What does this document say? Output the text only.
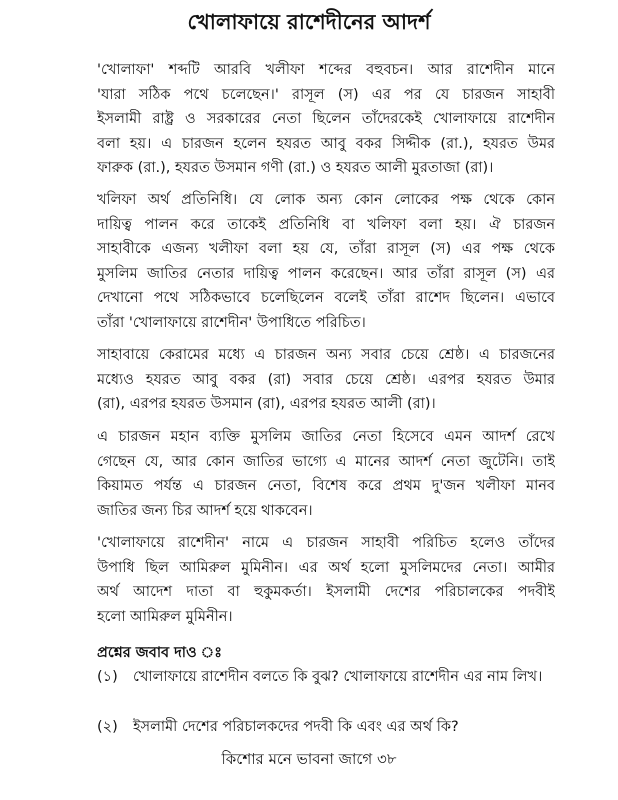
খোলাফায়ে রাশেদীনের আদর্শ
'খোলাফা' শব্দটি আরবি খলীফা শব্দের বহুবচন। আর রাশেদীন মানে
'যারা সঠিক পথে চলেছেন।' রাসূল (স) এর পর যে চারজন সাহাবী
ইসলামী রাষ্ট্র ও সরকারের নেতা ছিলেন তাঁদেরকেই খোলাফায়ে রাশেদীন
বলা হয়। এ চারজন হলেন হযরত আবু বকর সিদ্দীক (রা.), হযরত উমর
ফারুক (রা.), হযরত উসমান গণী (রা.) ও হযরত আলী মুরতাজা (রা)।
খলিফা অর্থ প্রতিনিধি। যে লোক অন্য কোন লোকের পক্ষ থেকে কোন
দায়িত্ব পালন করে তাকেই প্রতিনিধি বা খলিফা বলা হয়। ঐ চারজন
সাহাবীকে এজন্য খলীফা বলা হয় যে, তাঁরা রাসূল (স) এর পক্ষ থেকে
মুসলিম জাতির নেতার দায়িত্ব পালন করেছেন। আর তাঁরা রাসূল (স) এর
দেখানো পথে সঠিকভাবে চলেছিলেন বলেই তাঁরা রাশেদ ছিলেন। এভাবে
তাঁরা 'খোলাফায়ে রাশেদীন' উপাধিতে পরিচিত।
সাহাবায়ে কেরামের মধ্যে এ চারজন অন্য সবার চেয়ে শ্রেষ্ঠ। এ চারজনের
মধ্যেও হযরত আবু বকর (রা) সবার চেয়ে শ্রেষ্ঠ। এরপর হযরত উমার
(রা), এরপর হযরত উসমান (রা), এরপর হযরত আলী (রা)।
এ চারজন মহান ব্যক্তি মুসলিম জাতির নেতা হিসেবে এমন আদর্শ রেখে
গেছেন যে, আর কোন জাতির ভাগ্যে এ মানের আদর্শ নেতা জুটেনি। তাই
কিয়ামত পর্যন্ত এ চারজন নেতা, বিশেষ করে প্রথম দু'জন খলীফা মানব
জাতির জন্য চির আদর্শ হয়ে থাকবেন।
'খোলাফায়ে রাশেদীন' নামে এ চারজন সাহাবী পরিচিত হলেও তাঁদের
উপাধি ছিল আমিরুল মুমিনীন। এর অর্থ হলো মুসলিমদের নেতা। আমীর
অর্থ আদেশ দাতা বা হুকুমকর্তা। ইসলামী দেশের পরিচালকের পদবীই
হলো আমিরুল মুমিনীন।
প্রশ্নের জবাব দাও ঃ
(১) খোলাফায়ে রাশেদীন বলতে কি বুঝ? খোলাফায়ে রাশেদীন এর নাম লিখ।
(২) ইসলামী দেশের পরিচালকদের পদবী কি এবং এর অর্থ কি?
কিশোর মনে ভাবনা জাগে ৩৮
